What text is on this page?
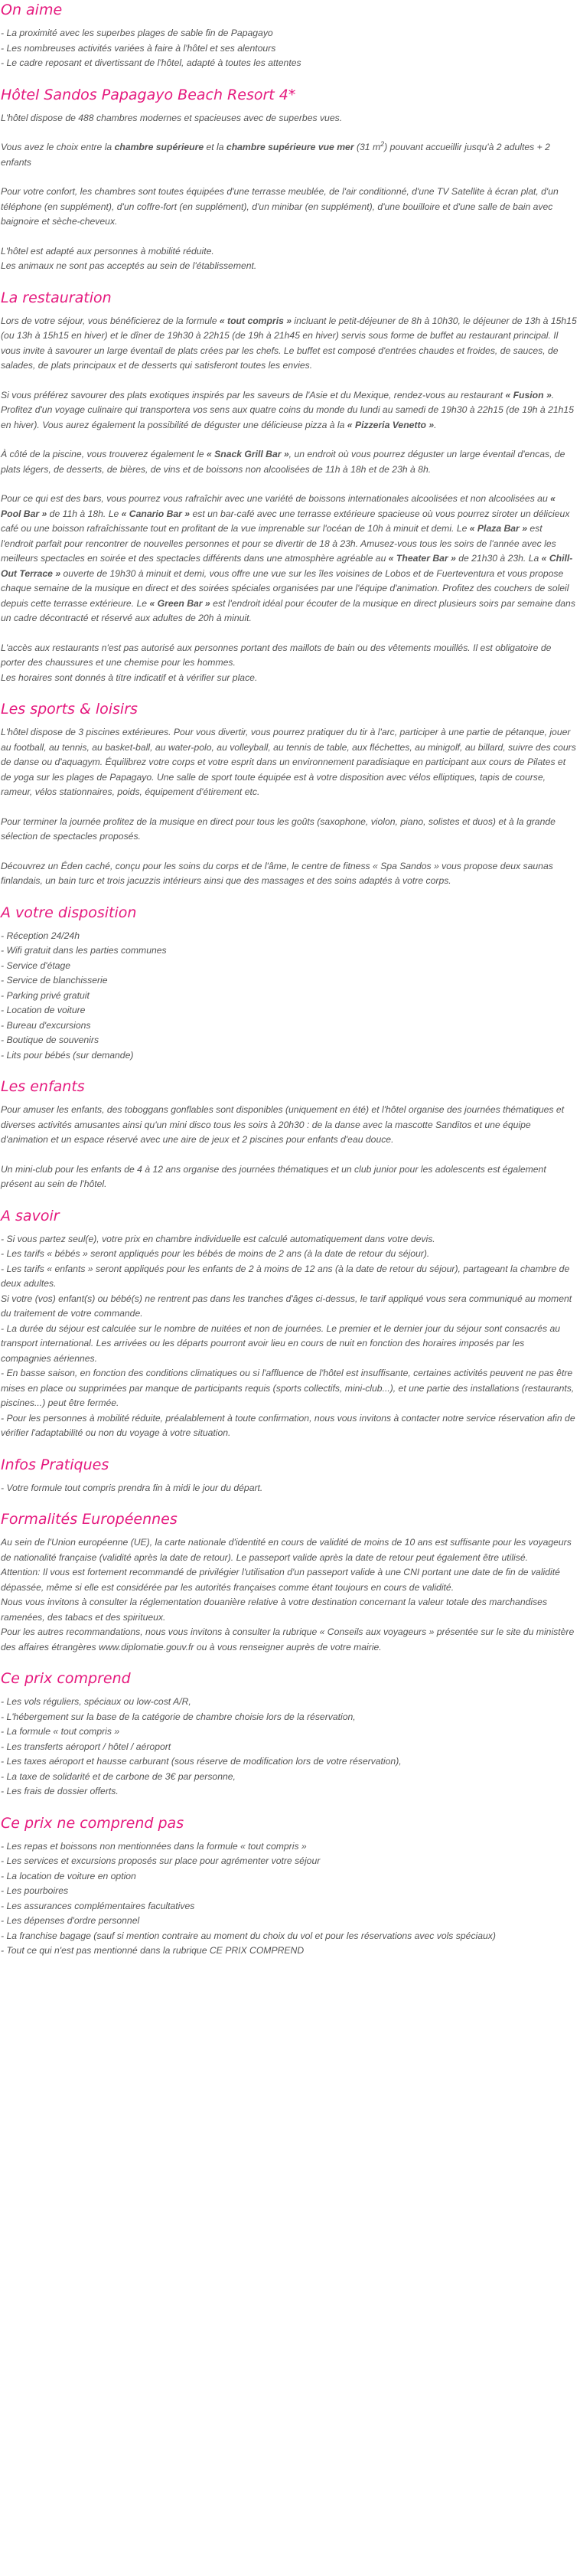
On aime
- La proximité avec les superbes plages de sable fin de Papagayo
- Les nombreuses activités variées à faire à l'hôtel et ses alentours
- Le cadre reposant et divertissant de l'hôtel, adapté à toutes les attentes
Hôtel Sandos Papagayo Beach Resort 4*

L'hôtel dispose de 488 chambres modernes et spacieuses avec de superbes vues.

Vous avez le choix entre la chambre supérieure et la chambre supérieure vue mer (31 $m^2$) pouvant accueillir jusqu'à 2 adultes + 2 enfants

Pour votre confort, les chambres sont toutes équipées d'une terrasse meublée, de l'air conditionné, d'une TV Satellite à écran plat, d'un téléphone (en supplément), d'un coffre-fort (en supplément), d'un minibar (en supplément), d'une bouilloire et d'une salle de bain avec baignoire et sèche-cheveux.

L'hôtel est adapté aux personnes à mobilité réduite.

Les animaux ne sont pas acceptés au sein de l'établissement.

La restauration

Lors de votre séjour, vous bénéficierez de la formule « tout compris » incluant le petit-déjeuner de 8h à 10h30, le déjeuner de 13h à 15h15 (ou 13h à 15h15 en hiver) et le dîner de 19h30 à 22h15 (de 19h à 21h45 en hiver) servis sous forme de buffet au restaurant principal. Il vous invite à savourer un large éventail de plats crées par les chefs. Le buffet est composé d'entrées chaudes et froides, de sauces, de salades, de plats principaux et de desserts qui satisferont toutes les envies.

Si vous préférez savourer des plats exotiques inspirés par les saveurs de l'Asie et du Mexique, rendez-vous au restaurant « Fusion ». Profitez d'un voyage culinaire qui transportera vos sens aux quatre coins du monde du lundi au samedi de 19h30 à 22h15 (de 19h à 21h15 en hiver). Vous aurez également la possibilité de déguster une délicieuse pizza à la « Pizzeria Venetto ».

À côté de la piscine, vous trouverez également le « Snack Grill Bar », un endroit où vous pourrez déguster un large éventail d'encas, de plats légers, de desserts, de bières, de vins et de boissons non alcoolisées de 11h à 18h et de 23h à 8h.

Pour ce qui est des bars, vous pourrez vous rafraîchir avec une variété de boissons internationales alcoolisées et non alcoolisées au « Pool Bar » de 11h à 18h. Le « Canario Bar » est un bar-café avec une terrasse extérieure spacieuse où vous pourrez siroter un délicieux café ou une boisson rafraîchissante tout en profitant de la vue imprenable sur l'océan de 10h à minuit et demi. Le « Plaza Bar » est l'endroit parfait pour rencontrer de nouvelles personnes et pour se divertir de 18 à 23h. Amusez-vous tous les soirs de l'année avec les meilleurs spectacles en soirée et des spectacles différents dans une atmosphère agréable au « Theater Bar » de 21h30 à 23h. La « Chill-Out Terrace » ouverte de 19h30 à minuit et demi, vous offre une vue sur les îles voisines de Lobos et de Fuerteventura et vous propose chaque semaine de la musique en direct et des soirées spéciales organisées par une l'équipe d'animation. Profitez des couchers de soleil depuis cette terrasse extérieure. Le « Green Bar » est l'endroit idéal pour écouter de la musique en direct plusieurs soirs par semaine dans un cadre décontracté et réservé aux adultes de 20h à minuit.

L'accès aux restaurants n'est pas autorisé aux personnes portant des maillots de bain ou des vêtements mouillés. Il est obligatoire de porter des chaussures et une chemise pour les hommes.

Les horaires sont donnés à titre indicatif et à vérifier sur place.

Les sports & loisirs

L'hôtel dispose de 3 piscines extérieures. Pour vous divertir, vous pourrez pratiquer du tir à l'arc, participer à une partie de pétanque, jouer au football, au tennis, au basket-ball, au water-polo, au volleyball, au tennis de table, aux fléchettes, au minigolf, au billard, suivre des cours de danse ou d'aquagym. Équilibrez votre corps et votre esprit dans un environnement paradisiaque en participant aux cours de Pilates et de yoga sur les plages de Papagayo. Une salle de sport toute équipée est à votre disposition avec vélos elliptiques, tapis de course, rameur, vélos stationnaires, poids, équipement d'étirement etc.

Pour terminer la journée profitez de la musique en direct pour tous les goûts (saxophone, violon, piano, solistes et duos) et à la grande sélection de spectacles proposés.

Découvrez un Éden caché, conçu pour les soins du corps et de l'âme, le centre de fitness « Spa Sandos » vous propose deux saunas finlandais, un bain turc et trois jacuzzis intérieurs ainsi que des massages et des soins adaptés à votre corps.

A votre disposition
- Réception 24/24h
- Wifi gratuit dans les parties communes
- Service d'étage
- Service de blanchisserie
- Parking privé gratuit
- Location de voiture
- Bureau d'excursions
- Boutique de souvenirs
- Lits pour bébés (sur demande)
Les enfants

Pour amuser les enfants, des toboggans gonflables sont disponibles (uniquement en été) et l'hôtel organise des journées thématiques et diverses activités amusantes ainsi qu'un mini disco tous les soirs à 20h30 : de la danse avec la mascotte Sanditos et une équipe d'animation et un espace réservé avec une aire de jeux et 2 piscines pour enfants d'eau douce.

Un mini-club pour les enfants de 4 à 12 ans organise des journées thématiques et un club junior pour les adolescents est également présent au sein de l'hôtel.

A savoir
- Si vous partez seul(e), votre prix en chambre individuelle est calculé automatiquement dans votre devis.
- Les tarifs « bébés » seront appliqués pour les bébés de moins de 2 ans (à la date de retour du séjour).
- Les tarifs « enfants » seront appliqués pour les enfants de 2 à moins de 12 ans (à la date de retour du séjour), partageant la chambre de deux adultes.
Si votre (vos) enfant(s) ou bébé(s) ne rentrent pas dans les tranches d'âges ci-dessus, le tarif appliqué vous sera communiqué au moment du traitement de votre commande.
- La durée du séjour est calculée sur le nombre de nuitées et non de journées. Le premier et le dernier jour du séjour sont consacrés au transport international. Les arrivées ou les départs pourront avoir lieu en cours de nuit en fonction des horaires imposés par les compagnies aériennes.
- En basse saison, en fonction des conditions climatiques ou si l'affluence de l'hôtel est insuffisante, certaines activités peuvent ne pas être mises en place ou supprimées par manque de participants requis (sports collectifs, mini-club...), et une partie des installations (restaurants, piscines...) peut être fermée.
- Pour les personnes à mobilité réduite, préalablement à toute confirmation, nous vous invitons à contacter notre service réservation afin de vérifier l'adaptabilité ou non du voyage à votre situation.
Infos Pratiques

- Votre formule tout compris prendra fin à midi le jour du départ.

Formalités Européennes

Au sein de l'Union européenne (UE), la carte nationale d'identité en cours de validité de moins de 10 ans est suffisante pour les voyageurs de nationalité française (validité après la date de retour). Le passeport valide après la date de retour peut également être utilisé.

Attention: Il vous est fortement recommandé de privilégier l'utilisation d'un passeport valide à une CNI portant une date de fin de validité dépassée, même si elle est considérée par les autorités françaises comme étant toujours en cours de validité.

Nous vous invitons à consulter la réglementation douanière relative à votre destination concernant la valeur totale des marchandises ramenées, des tabacs et des spiritueux.

Pour les autres recommandations, nous vous invitons à consulter la rubrique « Conseils aux voyageurs » présentée sur le site du ministère des affaires étrangères www.diplomatie.gouv.fr ou à vous renseigner auprès de votre mairie.

Ce prix comprend
- Les vols réguliers, spéciaux ou low-cost A/R,
- L'hébergement sur la base de la catégorie de chambre choisie lors de la réservation,
- La formule « tout compris »
- Les transferts aéroport / hôtel / aéroport
- Les taxes aéroport et hausse carburant (sous réserve de modification lors de votre réservation),
- La taxe de solidarité et de carbone de 3€ par personne,
- Les frais de dossier offerts.
Ce prix ne comprend pas
- Les repas et boissons non mentionnées dans la formule « tout compris »
- Les services et excursions proposés sur place pour agrémenter votre séjour
- La location de voiture en option
- Les pourboires
- Les assurances complémentaires facultatives
- Les dépenses d'ordre personnel
- La franchise bagage (sauf si mention contraire au moment du choix du vol et pour les réservations avec vols spéciaux)
- Tout ce qui n'est pas mentionné dans la rubrique CE PRIX COMPREND
